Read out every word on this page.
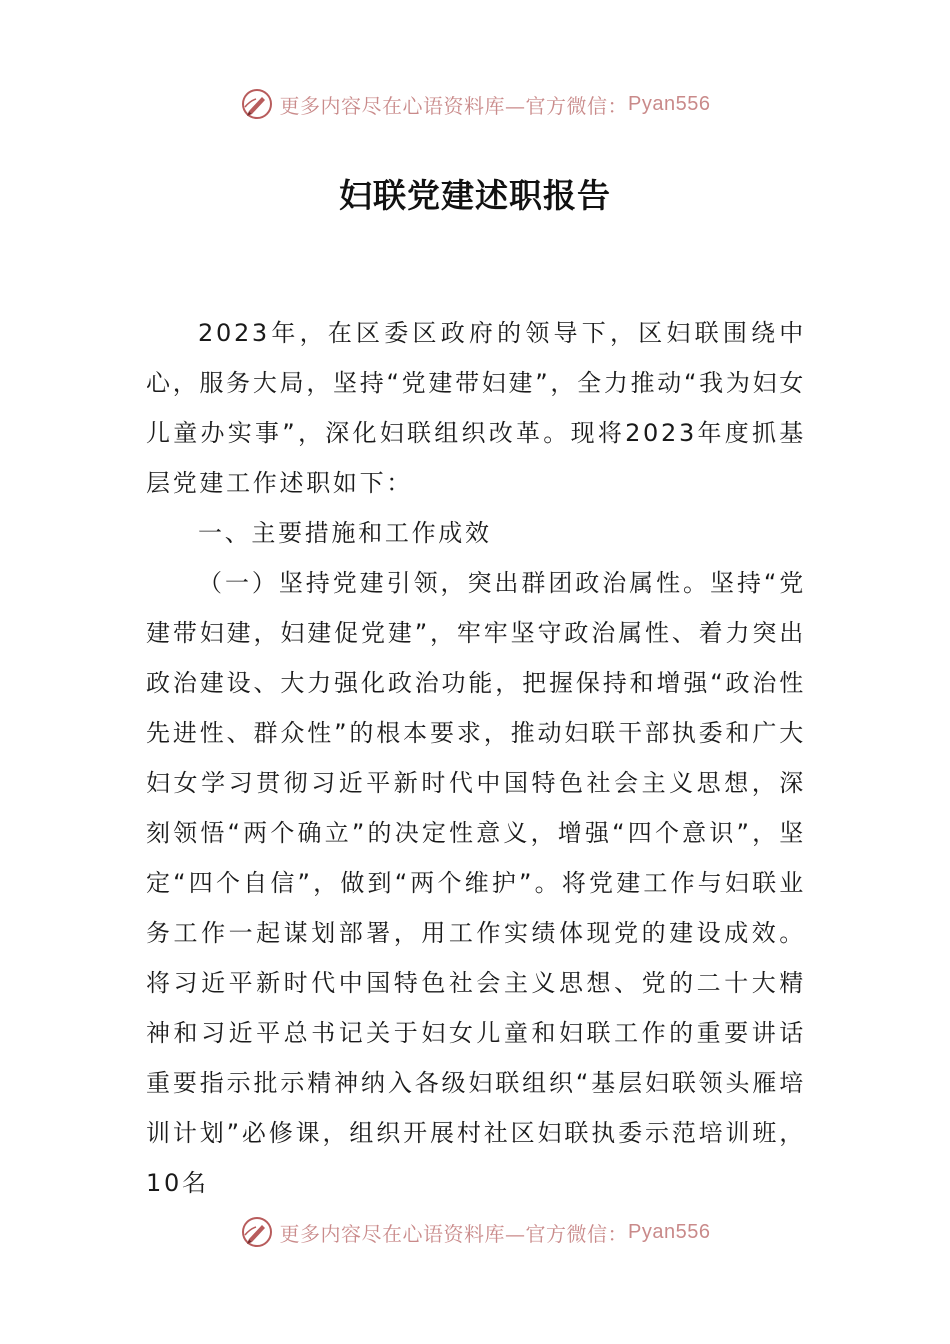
更多内容尽在心语资料库—官方微信： Pyan556
妇联党建述职报告

2023年，在区委区政府的领导下，区妇联围绕中心，服务大局，坚持“党建带妇建”，全力推动“我为妇女儿童办实事”，深化妇联组织改革。现将2023年度抓基层党建工作述职如下：

一、主要措施和工作成效

（一）坚持党建引领，突出群团政治属性。坚持“党建带妇建，妇建促党建”，牢牢坚守政治属性、着力突出政治建设、大力强化政治功能，把握保持和增强“政治性先进性、群众性”的根本要求，推动妇联干部执委和广大妇女学习贯彻习近平新时代中国特色社会主义思想，深刻领悟“两个确立”的决定性意义，增强“四个意识”，坚定“四个自信”，做到“两个维护”。将党建工作与妇联业务工作一起谋划部署，用工作实绩体现党的建设成效。将习近平新时代中国特色社会主义思想、党的二十大精神和习近平总书记关于妇女儿童和妇联工作的重要讲话重要指示批示精神纳入各级妇联组织“基层妇联领头雁培训计划”必修课，组织开展村社区妇联执委示范培训班，10名

更多内容尽在心语资料库—官方微信： Pyan556
